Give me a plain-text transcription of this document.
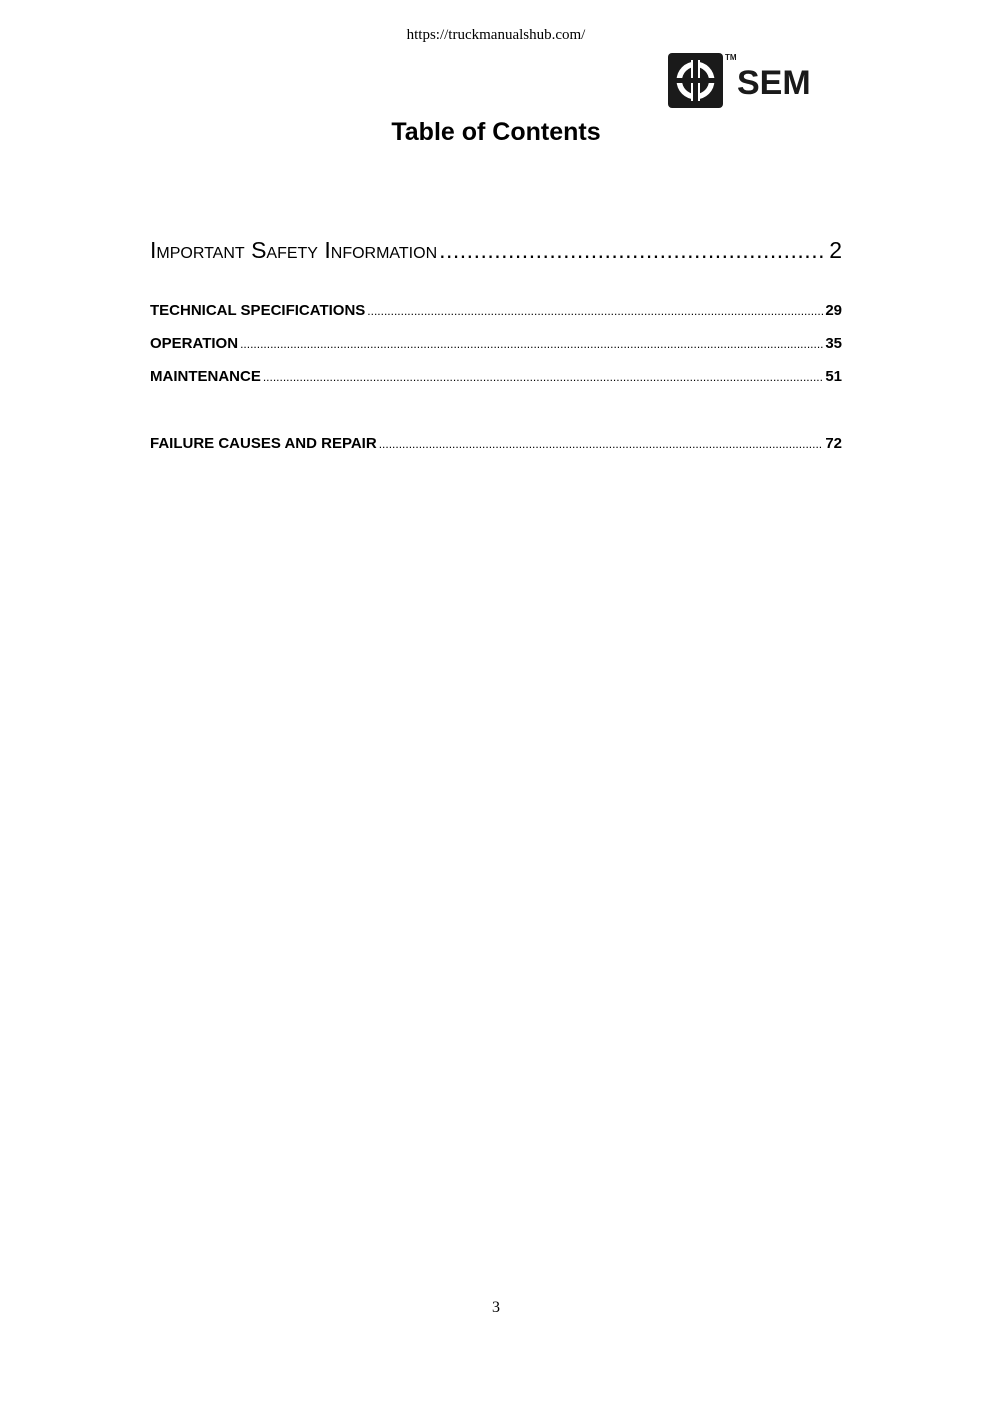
https://truckmanualshub.com/
SEM
TM
Table of Contents
Important Safety Information .....	2
TECHNICAL SPECIFICATIONS .....	29
OPERATION .....	35
MAINTENANCE .....	51
FAILURE CAUSES AND REPAIR .....	72
3
